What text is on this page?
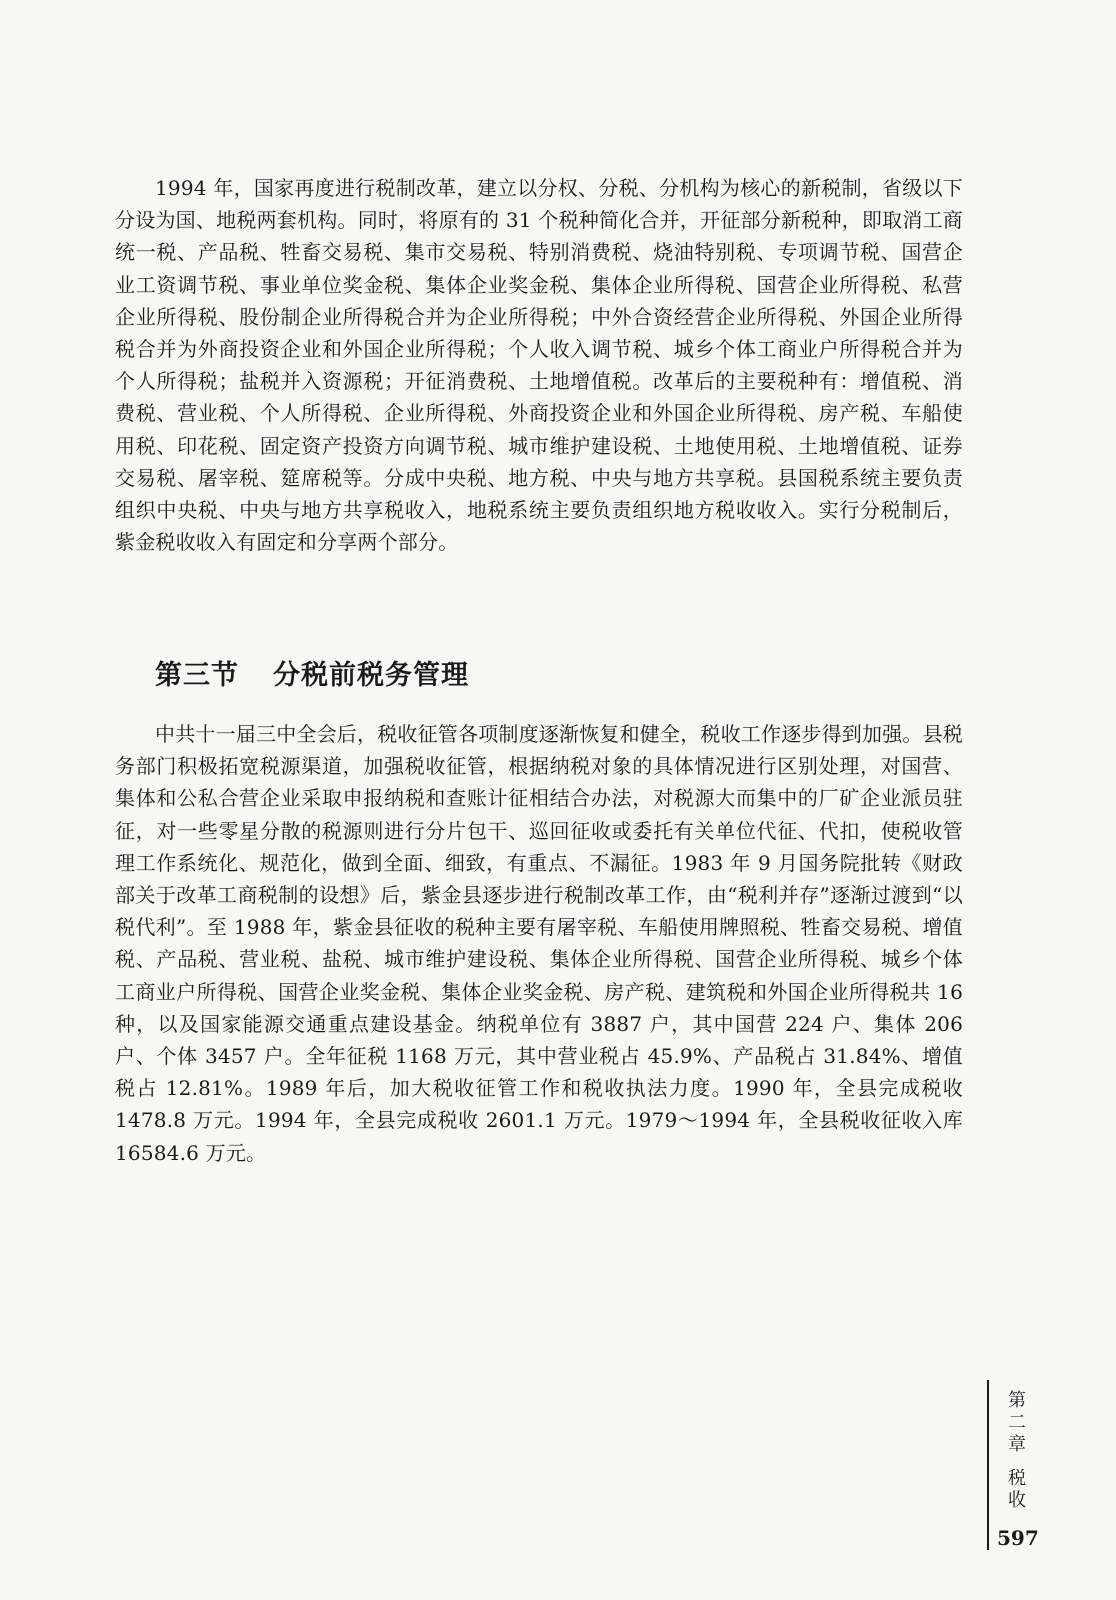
1994 年，国家再度进行税制改革，建立以分权、分税、分机构为核心的新税制，省级以下分设为国、地税两套机构。同时，将原有的 31 个税种简化合并，开征部分新税种，即取消工商统一税、产品税、牲畜交易税、集市交易税、特别消费税、烧油特别税、专项调节税、国营企业工资调节税、事业单位奖金税、集体企业奖金税、集体企业所得税、国营企业所得税、私营企业所得税、股份制企业所得税合并为企业所得税；中外合资经营企业所得税、外国企业所得税合并为外商投资企业和外国企业所得税；个人收入调节税、城乡个体工商业户所得税合并为个人所得税；盐税并入资源税；开征消费税、土地增值税。改革后的主要税种有：增值税、消费税、营业税、个人所得税、企业所得税、外商投资企业和外国企业所得税、房产税、车船使用税、印花税、固定资产投资方向调节税、城市维护建设税、土地使用税、土地增值税、证券交易税、屠宰税、筵席税等。分成中央税、地方税、中央与地方共享税。县国税系统主要负责组织中央税、中央与地方共享税收入，地税系统主要负责组织地方税收收入。实行分税制后，紫金税收收入有固定和分享两个部分。

第三节 分税前税务管理

中共十一届三中全会后，税收征管各项制度逐渐恢复和健全，税收工作逐步得到加强。县税务部门积极拓宽税源渠道，加强税收征管，根据纳税对象的具体情况进行区别处理，对国营、集体和公私合营企业采取申报纳税和查账计征相结合办法，对税源大而集中的厂矿企业派员驻征，对一些零星分散的税源则进行分片包干、巡回征收或委托有关单位代征、代扣，使税收管理工作系统化、规范化，做到全面、细致，有重点、不漏征。1983 年 9 月国务院批转《财政部关于改革工商税制的设想》后，紫金县逐步进行税制改革工作，由“税利并存”逐渐过渡到“以税代利”。至 1988 年，紫金县征收的税种主要有屠宰税、车船使用牌照税、牲畜交易税、增值税、产品税、营业税、盐税、城市维护建设税、集体企业所得税、国营企业所得税、城乡个体工商业户所得税、国营企业奖金税、集体企业奖金税、房产税、建筑税和外国企业所得税共 16 种，以及国家能源交通重点建设基金。纳税单位有 3887 户，其中国营 224 户、集体 206 户、个体 3457 户。全年征税 1168 万元，其中营业税占 45.9%、产品税占 31.84%、增值税占 12.81%。1989 年后，加大税收征管工作和税收执法力度。1990 年，全县完成税收 1478.8 万元。1994 年，全县完成税收 2601.1 万元。1979～1994 年，全县税收征收入库 16584.6 万元。

第二章
税收
597
